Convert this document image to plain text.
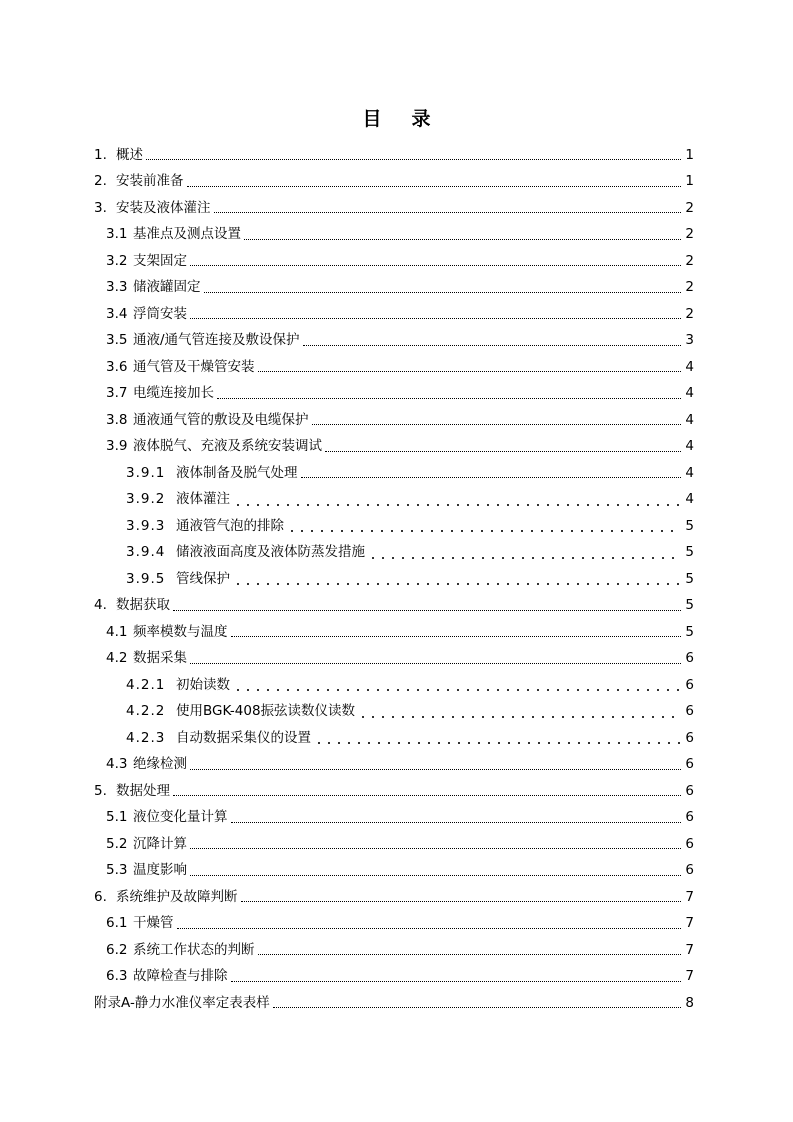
目 录
1. 概述	1
2. 安装前准备	1
3. 安装及液体灌注	2
3.1 基准点及测点设置	2
3.2 支架固定	2
3.3 储液罐固定	2
3.4 浮筒安装	2
3.5 通液/通气管连接及敷设保护	3
3.6 通气管及干燥管安装	4
3.7 电缆连接加长	4
3.8 通液通气管的敷设及电缆保护	4
3.9 液体脱气、充液及系统安装调试	4
3.9.1 液体制备及脱气处理	4
3.9.2 液体灌注	4
3.9.3 通液管气泡的排除	5
3.9.4 储液液面高度及液体防蒸发措施	5
3.9.5 管线保护	5
4. 数据获取	5
4.1 频率模数与温度	5
4.2 数据采集	6
4.2.1 初始读数	6
4.2.2 使用BGK-408振弦读数仪读数	6
4.2.3 自动数据采集仪的设置	6
4.3 绝缘检测	6
5. 数据处理	6
5.1 液位变化量计算	6
5.2 沉降计算	6
5.3 温度影响	6
6. 系统维护及故障判断	7
6.1 干燥管	7
6.2 系统工作状态的判断	7
6.3 故障检查与排除	7
附录A-静力水准仪率定表表样	8
